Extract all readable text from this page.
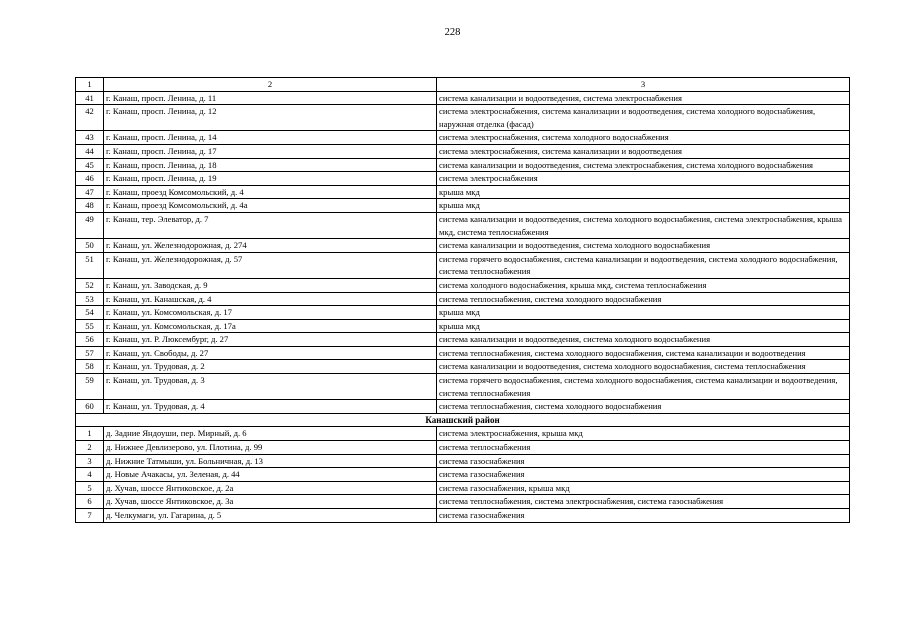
228
1	2	3
41	г. Канаш, просп. Ленина, д. 11	система канализации и водоотведения, система электроснабжения
42	г. Канаш, просп. Ленина, д. 12	система электроснабжения, система канализации и водоотведения, система холодного водоснабжения, наружная отделка (фасад)
43	г. Канаш, просп. Ленина, д. 14	система электроснабжения, система холодного водоснабжения
44	г. Канаш, просп. Ленина, д. 17	система электроснабжения, система канализации и водоотведения
45	г. Канаш, просп. Ленина, д. 18	система канализации и водоотведения, система электроснабжения, система холодного водоснабжения
46	г. Канаш, просп. Ленина, д. 19	система электроснабжения
47	г. Канаш, проезд Комсомольский, д. 4	крыша мкд
48	г. Канаш, проезд Комсомольский, д. 4а	крыша мкд
49	г. Канаш, тер. Элеватор, д. 7	система канализации и водоотведения, система холодного водоснабжения, система электроснабжения, крыша мкд, система теплоснабжения
50	г. Канаш, ул. Железнодорожная, д. 274	система канализации и водоотведения, система холодного водоснабжения
51	г. Канаш, ул. Железнодорожная, д. 57	система горячего водоснабжения, система канализации и водоотведения, система холодного водоснабжения, система теплоснабжения
52	г. Канаш, ул. Заводская, д. 9	система холодного водоснабжения, крыша мкд, система теплоснабжения
53	г. Канаш, ул. Канашская, д. 4	система теплоснабжения, система холодного водоснабжения
54	г. Канаш, ул. Комсомольская, д. 17	крыша мкд
55	г. Канаш, ул. Комсомольская, д. 17а	крыша мкд
56	г. Канаш, ул. Р. Люксембург, д. 27	система канализации и водоотведения, система холодного водоснабжения
57	г. Канаш, ул. Свободы, д. 27	система теплоснабжения, система холодного водоснабжения, система канализации и водоотведения
58	г. Канаш, ул. Трудовая, д. 2	система канализации и водоотведения, система холодного водоснабжения, система теплоснабжения
59	г. Канаш, ул. Трудовая, д. 3	система горячего водоснабжения, система холодного водоснабжения, система канализации и водоотведения, система теплоснабжения
60	г. Канаш, ул. Трудовая, д. 4	система теплоснабжения, система холодного водоснабжения
Канашский район		
1	д. Задние Яндоуши, пер. Мирный, д. 6	система электроснабжения, крыша мкд
2	д. Нижнее Девлизерово, ул. Плотина, д. 99	система теплоснабжения
3	д. Нижние Татмыши, ул. Больничная, д. 13	система газоснабжения
4	д. Новые Ачакасы, ул. Зеленая, д. 44	система газоснабжения
5	д. Хучав, шоссе Янтиковское, д. 2а	система газоснабжения, крыша мкд
6	д. Хучав, шоссе Янтиковское, д. 3а	система теплоснабжения, система электроснабжения, система газоснабжения
7	д. Челкумаги, ул. Гагарина, д. 5	система газоснабжения
